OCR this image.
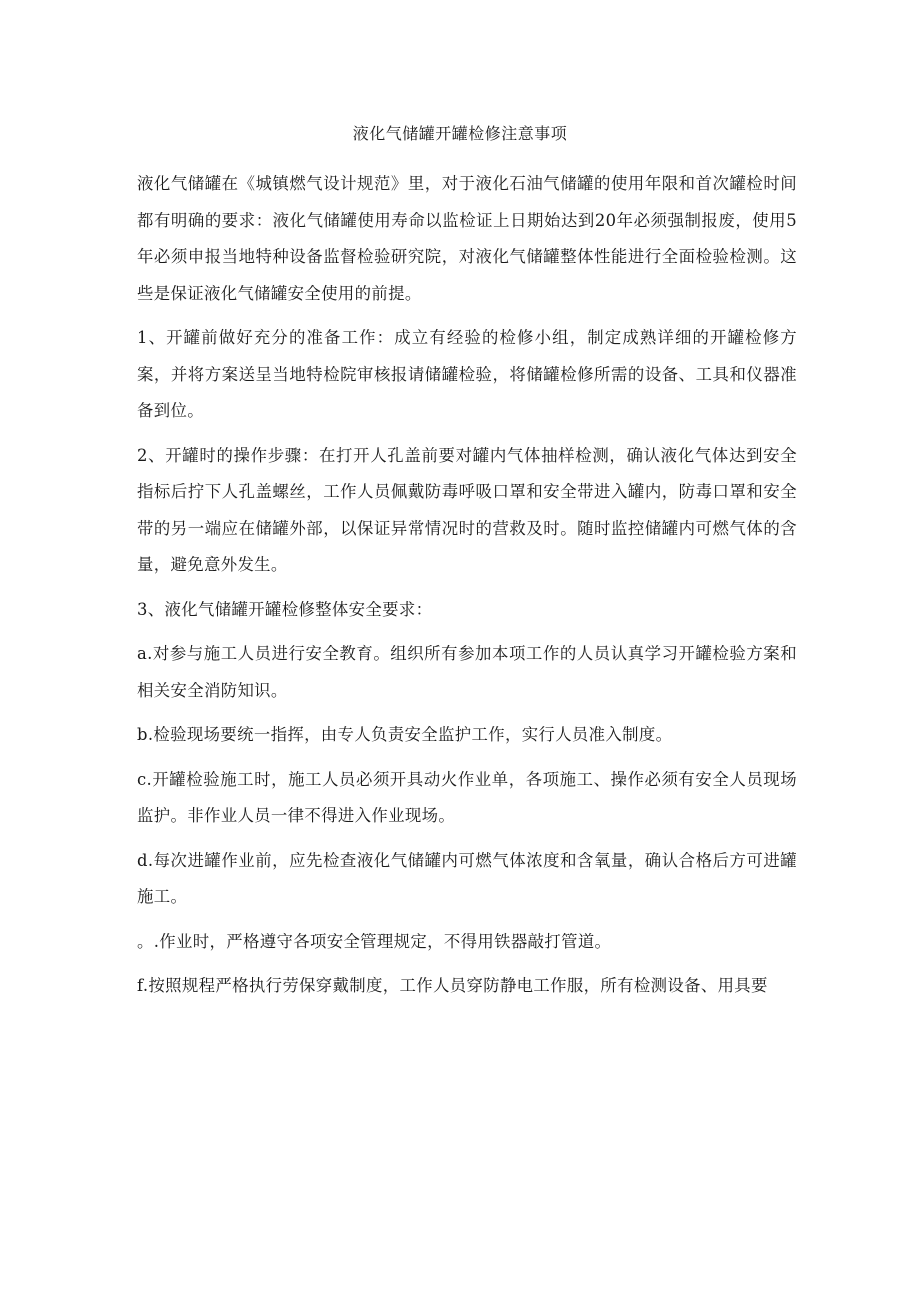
液化气储罐开罐检修注意事项

液化气储罐在《城镇燃气设计规范》里，对于液化石油气储罐的使用年限和首次罐检时间都有明确的要求：液化气储罐使用寿命以监检证上日期始达到20年必须强制报废，使用5年必须申报当地特种设备监督检验研究院，对液化气储罐整体性能进行全面检验检测。这些是保证液化气储罐安全使用的前提。

1、开罐前做好充分的准备工作：成立有经验的检修小组，制定成熟详细的开罐检修方案，并将方案送呈当地特检院审核报请储罐检验，将储罐检修所需的设备、工具和仪器准备到位。

2、开罐时的操作步骤：在打开人孔盖前要对罐内气体抽样检测，确认液化气体达到安全指标后拧下人孔盖螺丝，工作人员佩戴防毒呼吸口罩和安全带进入罐内，防毒口罩和安全带的另一端应在储罐外部，以保证异常情况时的营救及时。随时监控储罐内可燃气体的含量，避免意外发生。

3、液化气储罐开罐检修整体安全要求：

a.对参与施工人员进行安全教育。组织所有参加本项工作的人员认真学习开罐检验方案和相关安全消防知识。

b.检验现场要统一指挥，由专人负责安全监护工作，实行人员准入制度。

c.开罐检验施工时，施工人员必须开具动火作业单，各项施工、操作必须有安全人员现场监护。非作业人员一律不得进入作业现场。

d.每次进罐作业前，应先检查液化气储罐内可燃气体浓度和含氧量，确认合格后方可进罐施工。

。.作业时，严格遵守各项安全管理规定，不得用铁器敲打管道。

f.按照规程严格执行劳保穿戴制度，工作人员穿防静电工作服，所有检测设备、用具要
